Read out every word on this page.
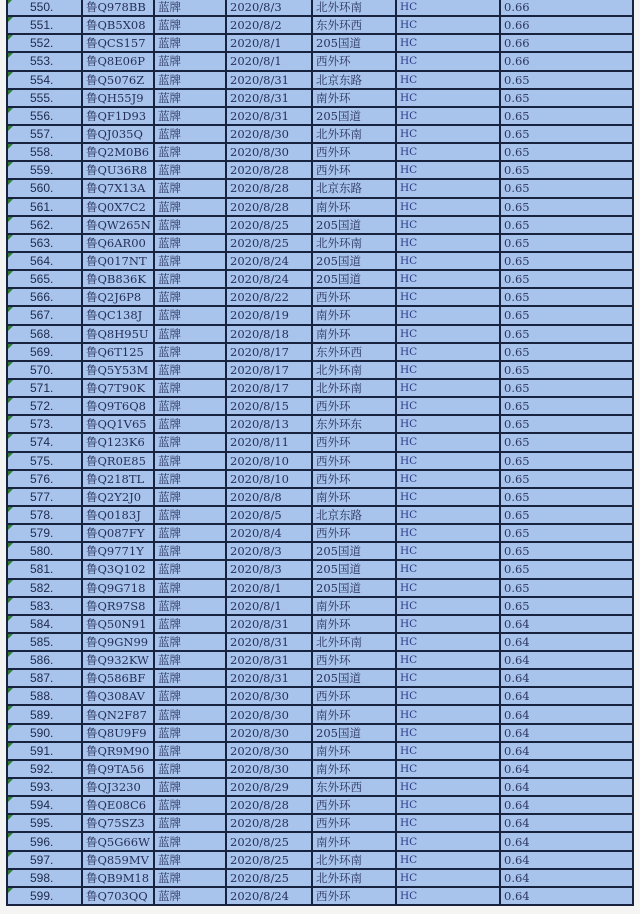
550.	鲁Q978BB	蓝牌	2020/8/3	北外环南	HC	0.66
551.	鲁QB5X08	蓝牌	2020/8/2	东外环西	HC	0.66
552.	鲁QCS157	蓝牌	2020/8/1	205国道	HC	0.66
553.	鲁Q8E06P	蓝牌	2020/8/1	西外环	HC	0.66
554.	鲁Q5076Z	蓝牌	2020/8/31	北京东路	HC	0.65
555.	鲁QH55J9	蓝牌	2020/8/31	南外环	HC	0.65
556.	鲁QF1D93	蓝牌	2020/8/31	205国道	HC	0.65
557.	鲁QJ035Q	蓝牌	2020/8/30	北外环南	HC	0.65
558.	鲁Q2M0B6	蓝牌	2020/8/30	西外环	HC	0.65
559.	鲁QU36R8	蓝牌	2020/8/28	西外环	HC	0.65
560.	鲁Q7X13A	蓝牌	2020/8/28	北京东路	HC	0.65
561.	鲁Q0X7C2	蓝牌	2020/8/28	南外环	HC	0.65
562.	鲁QW265N	蓝牌	2020/8/25	205国道	HC	0.65
563.	鲁Q6AR00	蓝牌	2020/8/25	北外环南	HC	0.65
564.	鲁Q017NT	蓝牌	2020/8/24	205国道	HC	0.65
565.	鲁QB836K	蓝牌	2020/8/24	205国道	HC	0.65
566.	鲁Q2J6P8	蓝牌	2020/8/22	西外环	HC	0.65
567.	鲁QC138J	蓝牌	2020/8/19	南外环	HC	0.65
568.	鲁Q8H95U	蓝牌	2020/8/18	南外环	HC	0.65
569.	鲁Q6T125	蓝牌	2020/8/17	东外环西	HC	0.65
570.	鲁Q5Y53M	蓝牌	2020/8/17	北外环南	HC	0.65
571.	鲁Q7T90K	蓝牌	2020/8/17	北外环南	HC	0.65
572.	鲁Q9T6Q8	蓝牌	2020/8/15	西外环	HC	0.65
573.	鲁QQ1V65	蓝牌	2020/8/13	东外环东	HC	0.65
574.	鲁Q123K6	蓝牌	2020/8/11	西外环	HC	0.65
575.	鲁QR0E85	蓝牌	2020/8/10	西外环	HC	0.65
576.	鲁Q218TL	蓝牌	2020/8/10	西外环	HC	0.65
577.	鲁Q2Y2J0	蓝牌	2020/8/8	南外环	HC	0.65
578.	鲁Q0183J	蓝牌	2020/8/5	北京东路	HC	0.65
579.	鲁Q087FY	蓝牌	2020/8/4	西外环	HC	0.65
580.	鲁Q9771Y	蓝牌	2020/8/3	205国道	HC	0.65
581.	鲁Q3Q102	蓝牌	2020/8/3	205国道	HC	0.65
582.	鲁Q9G718	蓝牌	2020/8/1	205国道	HC	0.65
583.	鲁QR97S8	蓝牌	2020/8/1	南外环	HC	0.65
584.	鲁Q50N91	蓝牌	2020/8/31	南外环	HC	0.64
585.	鲁Q9GN99	蓝牌	2020/8/31	北外环南	HC	0.64
586.	鲁Q932KW	蓝牌	2020/8/31	西外环	HC	0.64
587.	鲁Q586BF	蓝牌	2020/8/31	205国道	HC	0.64
588.	鲁Q308AV	蓝牌	2020/8/30	西外环	HC	0.64
589.	鲁QN2F87	蓝牌	2020/8/30	南外环	HC	0.64
590.	鲁Q8U9F9	蓝牌	2020/8/30	205国道	HC	0.64
591.	鲁QR9M90	蓝牌	2020/8/30	南外环	HC	0.64
592.	鲁Q9TA56	蓝牌	2020/8/30	南外环	HC	0.64
593.	鲁QJ3230	蓝牌	2020/8/29	东外环西	HC	0.64
594.	鲁QE08C6	蓝牌	2020/8/28	西外环	HC	0.64
595.	鲁Q75SZ3	蓝牌	2020/8/28	西外环	HC	0.64
596.	鲁Q5G66W	蓝牌	2020/8/25	南外环	HC	0.64
597.	鲁Q859MV	蓝牌	2020/8/25	北外环南	HC	0.64
598.	鲁QB9M18	蓝牌	2020/8/25	北外环南	HC	0.64
599.	鲁Q703QQ	蓝牌	2020/8/24	西外环	HC	0.64
